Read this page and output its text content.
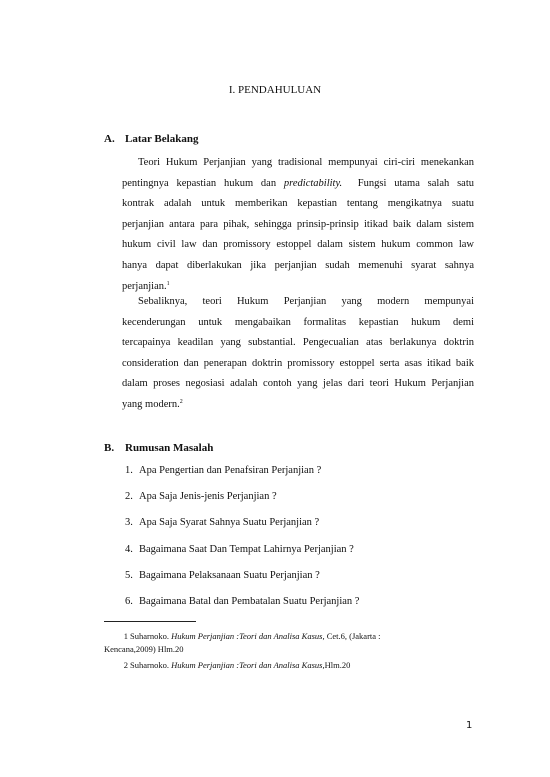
I. PENDAHULUAN
A. Latar Belakang
Teori Hukum Perjanjian yang tradisional mempunyai ciri-ciri menekankan
pentingnya kepastian hukum dan predictability. Fungsi utama salah satu
kontrak adalah untuk memberikan kepastian tentang mengikatnya suatu
perjanjian antara para pihak, sehingga prinsip-prinsip itikad baik dalam sistem
hukum civil law dan promissory estoppel dalam sistem hukum common law
hanya dapat diberlakukan jika perjanjian sudah memenuhi syarat sahnya
perjanjian.$^1$
Sebaliknya, teori Hukum Perjanjian yang modern mempunyai
kecenderungan untuk mengabaikan formalitas kepastian hukum demi
tercapainya keadilan yang substantial. Pengecualian atas berlakunya doktrin
consideration dan penerapan doktrin promissory estoppel serta asas itikad baik
dalam proses negosiasi adalah contoh yang jelas dari teori Hukum Perjanjian
yang modern.$^2$
B. Rumusan Masalah
1. Apa Pengertian dan Penafsiran Perjanjian ?
2. Apa Saja Jenis-jenis Perjanjian ?
3. Apa Saja Syarat Sahnya Suatu Perjanjian ?
4. Bagaimana Saat Dan Tempat Lahirnya Perjanjian ?
5. Bagaimana Pelaksanaan Suatu Perjanjian ?
6. Bagaimana Batal dan Pembatalan Suatu Perjanjian ?
1 Suharnoko. Hukum Perjanjian :Teori dan Analisa Kasus, Cet.6, (Jakarta :
Kencana,2009) Hlm.20
2 Suharnoko. Hukum Perjanjian :Teori dan Analisa Kasus,Hlm.20
1
